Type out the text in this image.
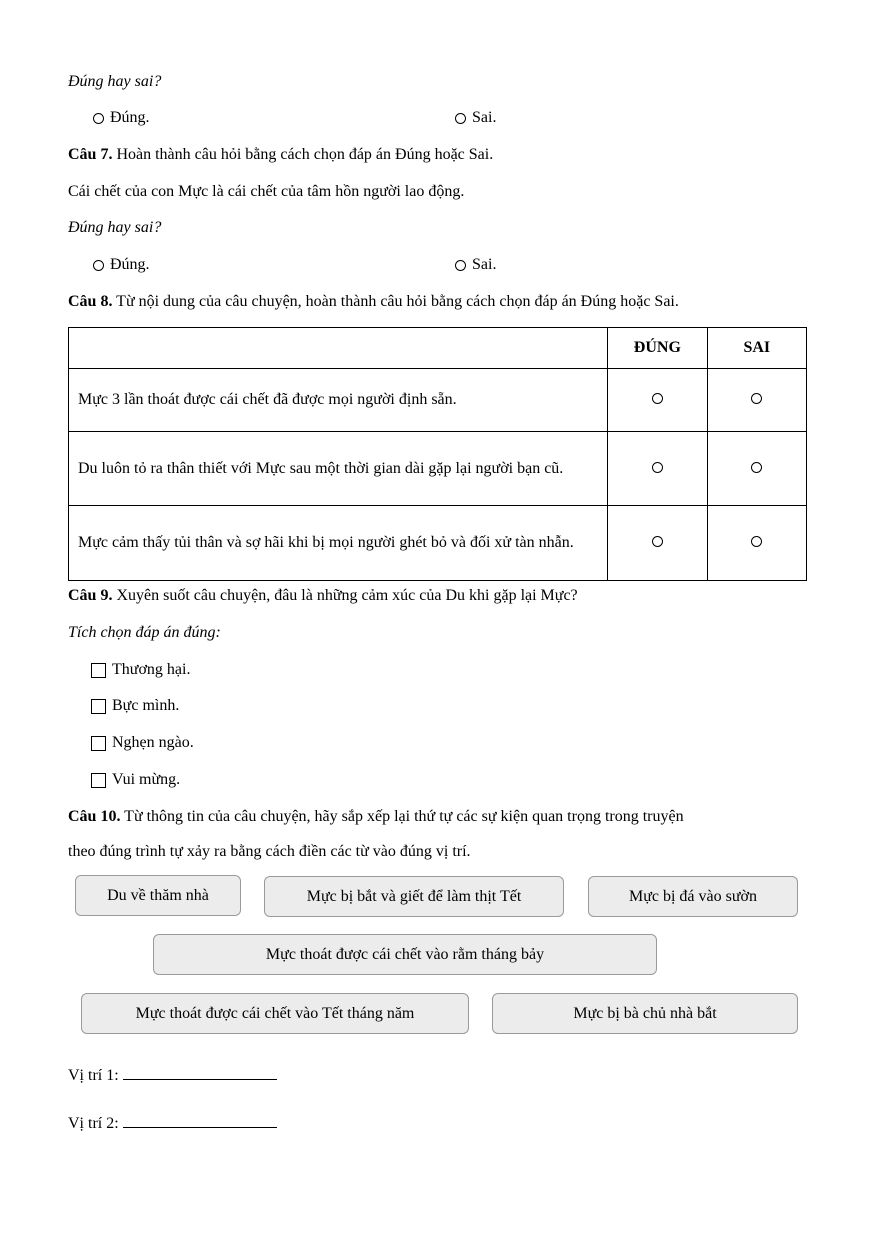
Đúng hay sai?
Đúng.	Sai.
Câu 7. Hoàn thành câu hỏi bằng cách chọn đáp án Đúng hoặc Sai.
Cái chết của con Mực là cái chết của tâm hồn người lao động.
Đúng hay sai?
Đúng.	Sai.
Câu 8. Từ nội dung của câu chuyện, hoàn thành câu hỏi bằng cách chọn đáp án Đúng hoặc Sai.
	ĐÚNG	SAI
Mực 3 lần thoát được cái chết đã được mọi người định sẵn.		
Du luôn tỏ ra thân thiết với Mực sau một thời gian dài gặp lại người bạn cũ.		
Mực cảm thấy tủi thân và sợ hãi khi bị mọi người ghét bỏ và đối xử tàn nhẫn.		
Câu 9. Xuyên suốt câu chuyện, đâu là những cảm xúc của Du khi gặp lại Mực?
Tích chọn đáp án đúng:
Thương hại.
Bực mình.
Nghẹn ngào.
Vui mừng.
Câu 10. Từ thông tin của câu chuyện, hãy sắp xếp lại thứ tự các sự kiện quan trọng trong truyện
theo đúng trình tự xảy ra bằng cách điền các từ vào đúng vị trí.
Du về thăm nhà	Mực bị bắt và giết để làm thịt Tết	Mực bị đá vào sườn
Mực thoát được cái chết vào rằm tháng bảy
Mực thoát được cái chết vào Tết tháng năm	Mực bị bà chủ nhà bắt
Vị trí 1:
Vị trí 2:
